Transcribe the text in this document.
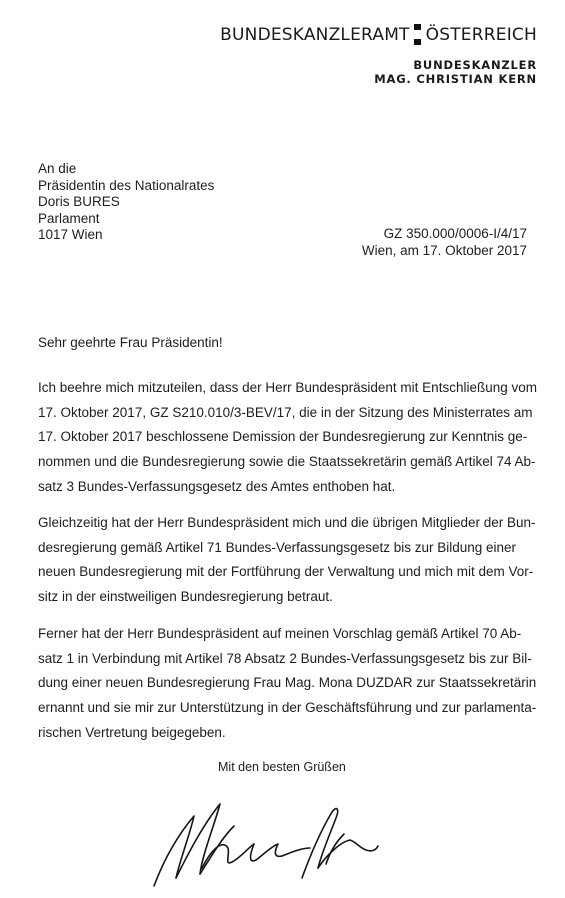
BUNDESKANZLERAMT ÖSTERREICH
BUNDESKANZLER
MAG. CHRISTIAN KERN
An die
Präsidentin des Nationalrates
Doris BURES
Parlament
1017 Wien	GZ 350.000/0006-I/4/17
Wien, am 17. Oktober 2017
Sehr geehrte Frau Präsidentin!
Ich beehre mich mitzuteilen, dass der Herr Bundespräsident mit Entschließung vom
17. Oktober 2017, GZ S210.010/3-BEV/17, die in der Sitzung des Ministerrates am
17. Oktober 2017 beschlossene Demission der Bundesregierung zur Kenntnis ge-
nommen und die Bundesregierung sowie die Staatssekretärin gemäß Artikel 74 Ab-
satz 3 Bundes-Verfassungsgesetz des Amtes enthoben hat.
Gleichzeitig hat der Herr Bundespräsident mich und die übrigen Mitglieder der Bun-
desregierung gemäß Artikel 71 Bundes-Verfassungsgesetz bis zur Bildung einer
neuen Bundesregierung mit der Fortführung der Verwaltung und mich mit dem Vor-
sitz in der einstweiligen Bundesregierung betraut.
Ferner hat der Herr Bundespräsident auf meinen Vorschlag gemäß Artikel 70 Ab-
satz 1 in Verbindung mit Artikel 78 Absatz 2 Bundes-Verfassungsgesetz bis zur Bil-
dung einer neuen Bundesregierung Frau Mag. Mona DUZDAR zur Staatssekretärin
ernannt und sie mir zur Unterstützung in der Geschäftsführung und zur parlamenta-
rischen Vertretung beigegeben.
Mit den besten Grüßen
